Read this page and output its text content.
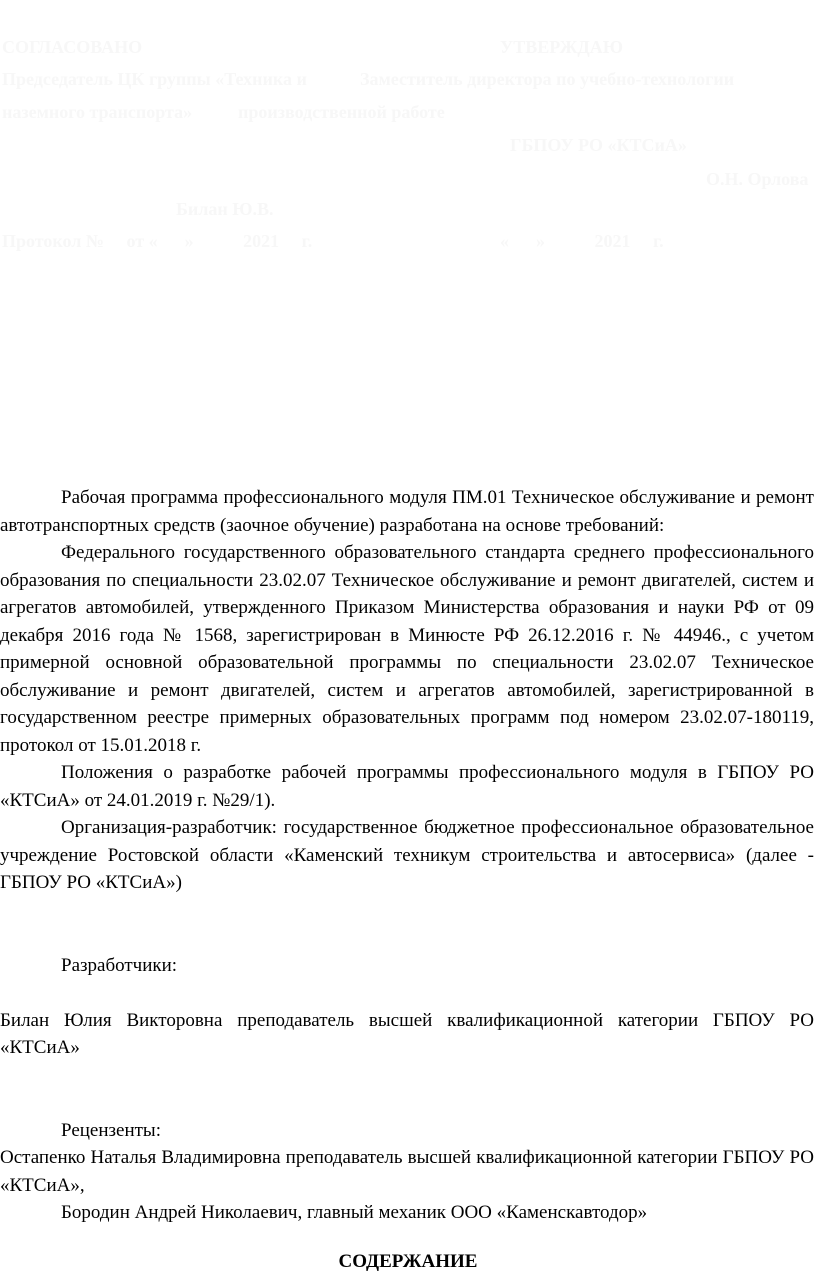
СОГЛАСОВАНО	УТВЕРЖДАЮ
Председатель ЦК группы «Техника и	Заместитель директора по учебно-технологии
наземного транспорта»	производственной работе
ГБПОУ РО «КТСиА»
О.Н. Орлова
Билан Ю.В.
Протокол №     от «      »           2021     г.	«      »           2021     г.

Рабочая программа профессионального модуля ПМ.01 Техническое обслуживание и ремонт автотранспортных средств (заочное обучение) разработана на основе требований:

Федерального государственного образовательного стандарта среднего профессионального образования по специальности 23.02.07 Техническое обслуживание и ремонт двигателей, систем и агрегатов автомобилей, утвержденного Приказом Министерства образования и науки РФ от 09 декабря 2016 года № 1568, зарегистрирован в Минюсте РФ 26.12.2016 г. № 44946., с учетом примерной основной образовательной программы по специальности 23.02.07 Техническое обслуживание и ремонт двигателей, систем и агрегатов автомобилей, зарегистрированной в государственном реестре примерных образовательных программ под номером 23.02.07-180119, протокол от 15.01.2018 г.

Положения о разработке рабочей программы профессионального модуля в ГБПОУ РО «КТСиА» от 24.01.2019 г. №29/1).

Организация-разработчик: государственное бюджетное профессиональное образовательное учреждение Ростовской области «Каменский техникум строительства и автосервиса» (далее - ГБПОУ РО «КТСиА»)

Разработчики:

Билан Юлия Викторовна преподаватель высшей квалификационной категории ГБПОУ РО «КТСиА»

Рецензенты:

Остапенко Наталья Владимировна преподаватель высшей квалификационной категории ГБПОУ РО «КТСиА»,

Бородин Андрей Николаевич, главный механик ООО «Каменскавтодор»

СОДЕРЖАНИЕ
